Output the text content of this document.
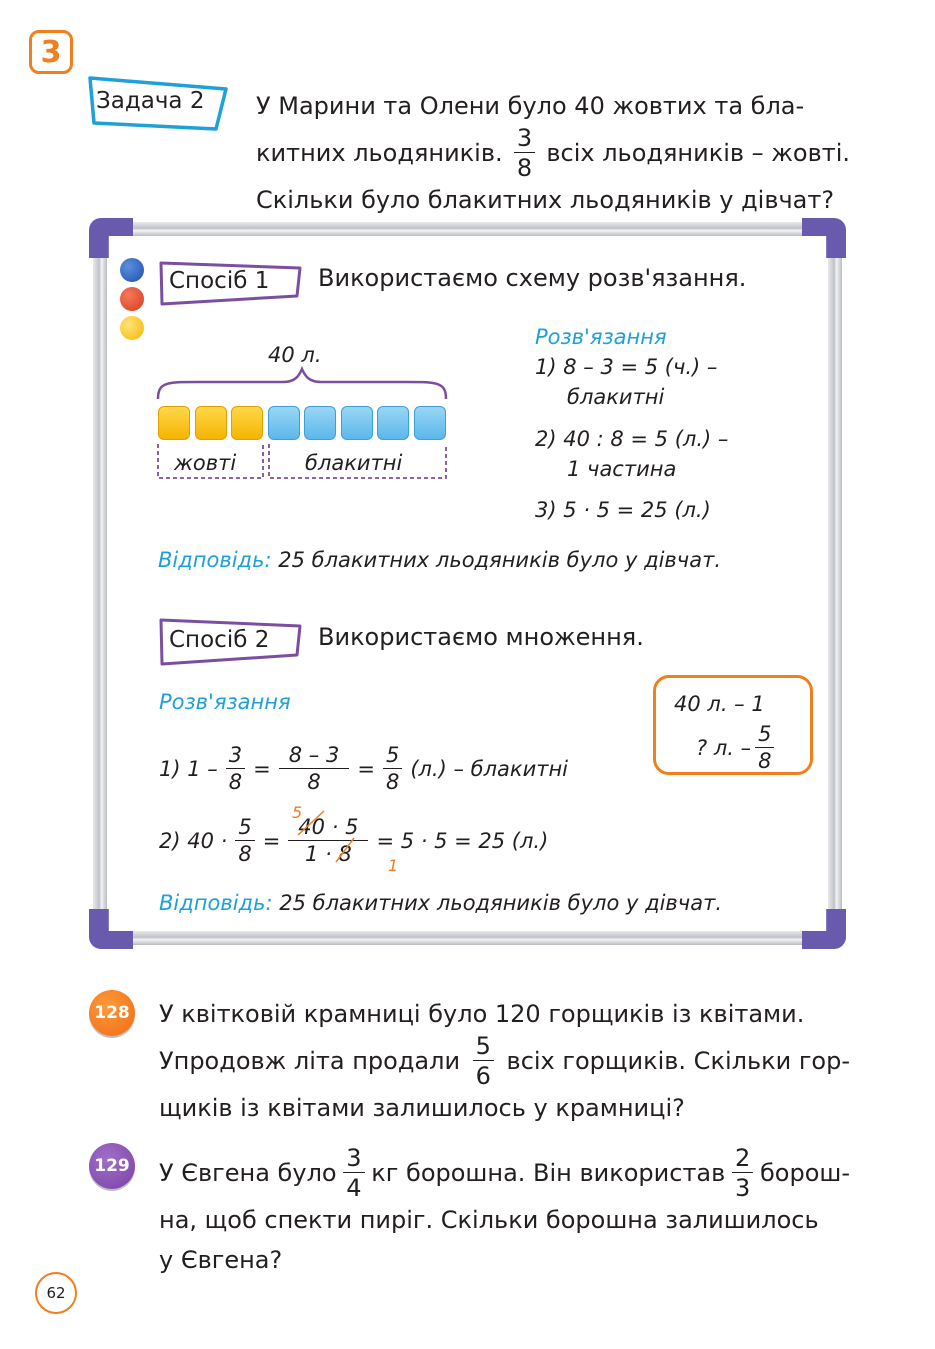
3
Задача 2 У Марини та Олени було 40 жовтих та бла-
китних льодяників. $\frac{3}{8}$ всіх льодяників – жовті.
Скільки було блакитних льодяників у дівчат?
Спосіб 1 Використаємо схему розв'язання.
40 л.
жовті	блакитні
Розв'язання
1) 8 – 3 = 5 (ч.) –
блакитні
2) 40 : 8 = 5 (л.) –
1 частина
3) 5 · 5 = 25 (л.)
Відповідь: 25 блакитних льодяників було у дівчат.
Спосіб 2 Використаємо множення.
Розв'язання
1) $1 - \frac{3}{8} = \frac{8 - 3}{8} = \frac{5}{8} (л.)$ – блакитні
2) $40 \cdot \frac{5}{8} = \frac{40 \cdot 5}{1 \cdot 8} = 5 \cdot 5 = 25$ (л.)
5
1
40 л. – 1
? л. – $\frac{5}{8}$
Відповідь: 25 блакитних льодяників було у дівчат.
128 У квітковій крамниці було 120 горщиків із квітами.
Упродовж літа продали $\frac{5}{6}$ всіх горщиків. Скільки гор-
щиків із квітами залишилось у крамниці?
129 У Євгена було $\frac{3}{4}$ кг борошна. Він використав $\frac{2}{3}$ борош-
на, щоб спекти пиріг. Скільки борошна залишилось
у Євгена?
62
